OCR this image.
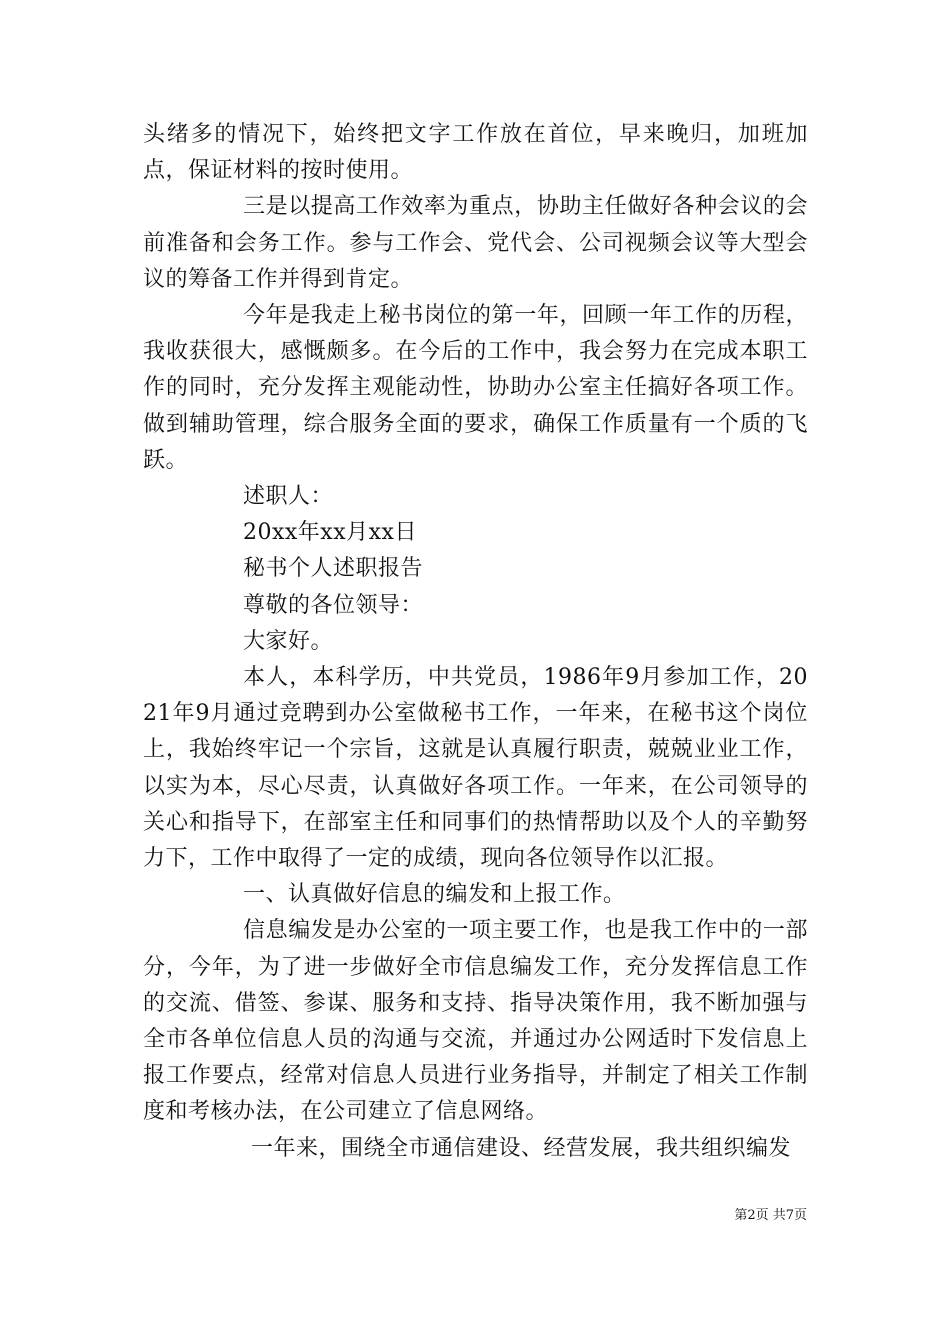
头绪多的情况下，始终把文字工作放在首位，早来晚归，加班加点，保证材料的按时使用。

三是以提高工作效率为重点，协助主任做好各种会议的会前准备和会务工作。参与工作会、党代会、公司视频会议等大型会议的筹备工作并得到肯定。

今年是我走上秘书岗位的第一年，回顾一年工作的历程，我收获很大，感慨颇多。在今后的工作中，我会努力在完成本职工作的同时，充分发挥主观能动性，协助办公室主任搞好各项工作。做到辅助管理，综合服务全面的要求，确保工作质量有一个质的飞跃。

述职人：

20xx年xx月xx日

秘书个人述职报告

尊敬的各位领导：

大家好。

本人，本科学历，中共党员，1986年9月参加工作，2021年9月通过竞聘到办公室做秘书工作，一年来，在秘书这个岗位上，我始终牢记一个宗旨，这就是认真履行职责，兢兢业业工作，以实为本，尽心尽责，认真做好各项工作。一年来，在公司领导的关心和指导下，在部室主任和同事们的热情帮助以及个人的辛勤努力下，工作中取得了一定的成绩，现向各位领导作以汇报。

一、认真做好信息的编发和上报工作。

信息编发是办公室的一项主要工作，也是我工作中的一部分，今年，为了进一步做好全市信息编发工作，充分发挥信息工作的交流、借签、参谋、服务和支持、指导决策作用，我不断加强与全市各单位信息人员的沟通与交流，并通过办公网适时下发信息上报工作要点，经常对信息人员进行业务指导，并制定了相关工作制度和考核办法，在公司建立了信息网络。

一年来，围绕全市通信建设、经营发展，我共组织编发

第2页 共7页
